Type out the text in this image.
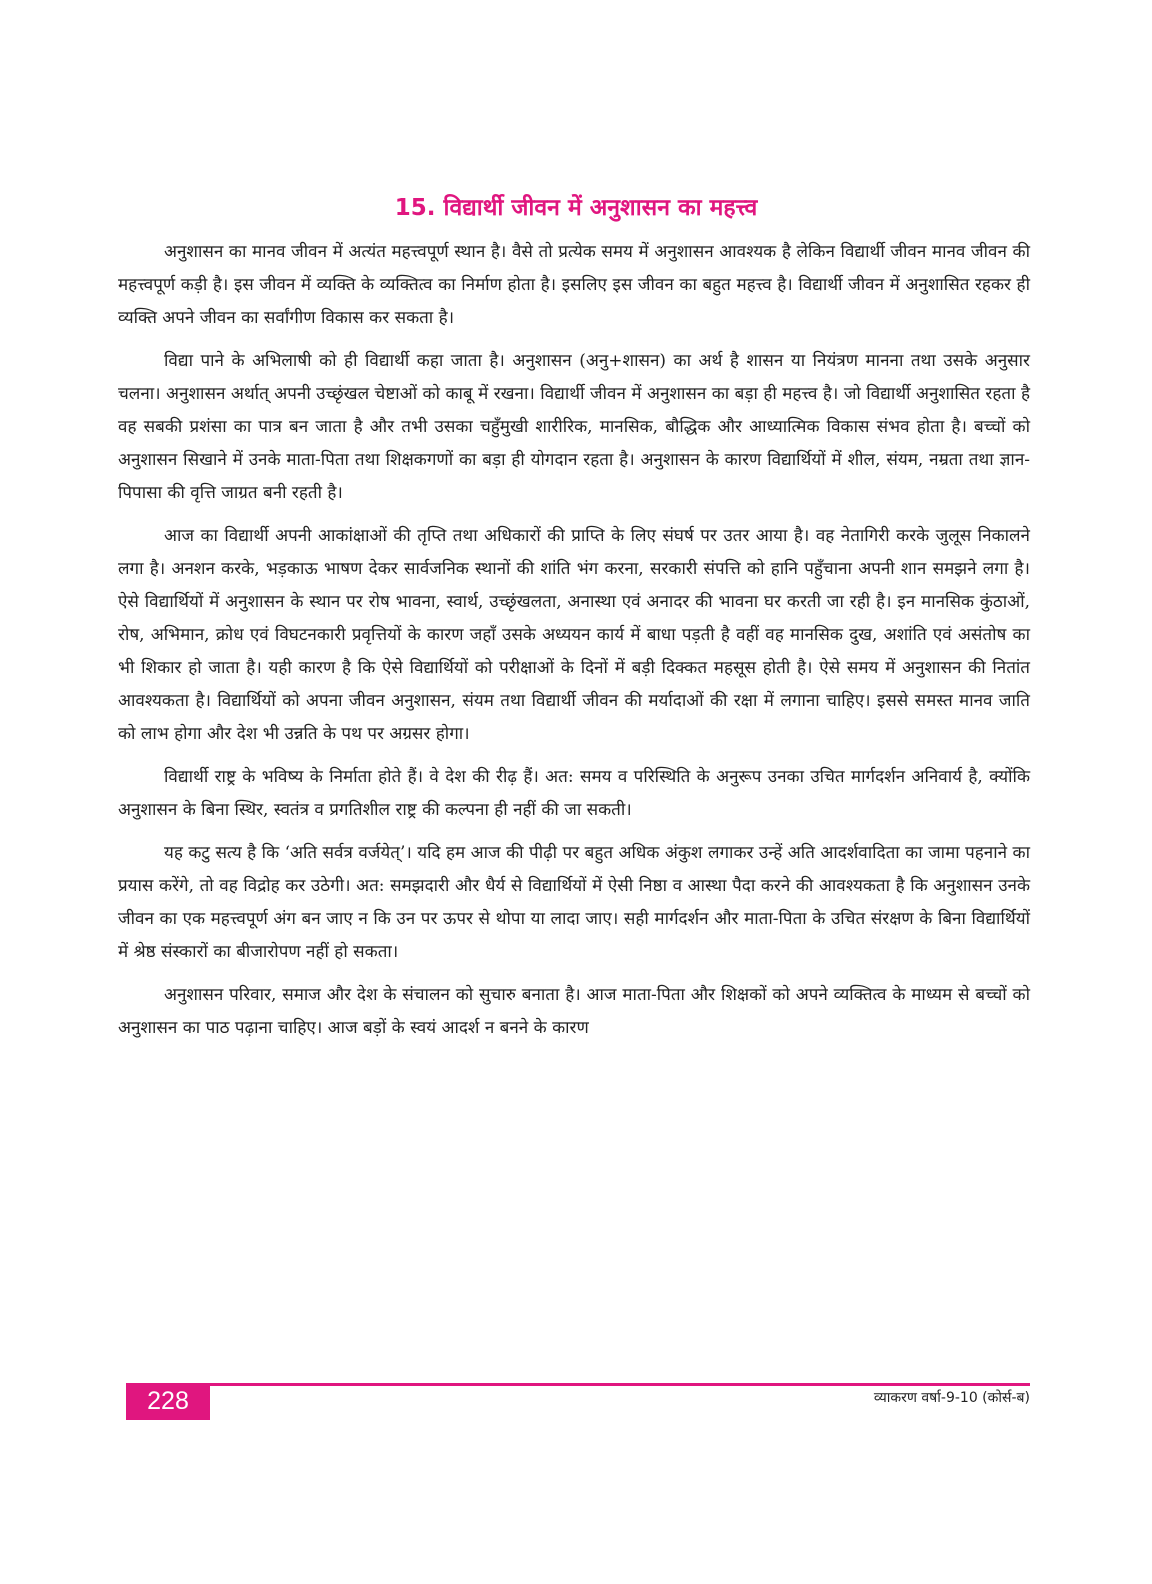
15. विद्यार्थी जीवन में अनुशासन का महत्त्व

अनुशासन का मानव जीवन में अत्यंत महत्त्वपूर्ण स्थान है। वैसे तो प्रत्येक समय में अनुशासन आवश्यक है लेकिन विद्यार्थी जीवन मानव जीवन की महत्त्वपूर्ण कड़ी है। इस जीवन में व्यक्ति के व्यक्तित्व का निर्माण होता है। इसलिए इस जीवन का बहुत महत्त्व है। विद्यार्थी जीवन में अनुशासित रहकर ही व्यक्ति अपने जीवन का सर्वांगीण विकास कर सकता है।

विद्या पाने के अभिलाषी को ही विद्यार्थी कहा जाता है। अनुशासन (अनु+शासन) का अर्थ है शासन या नियंत्रण मानना तथा उसके अनुसार चलना। अनुशासन अर्थात् अपनी उच्छृंखल चेष्टाओं को काबू में रखना। विद्यार्थी जीवन में अनुशासन का बड़ा ही महत्त्व है। जो विद्यार्थी अनुशासित रहता है वह सबकी प्रशंसा का पात्र बन जाता है और तभी उसका चहुँमुखी शारीरिक, मानसिक, बौद्धिक और आध्यात्मिक विकास संभव होता है। बच्चों को अनुशासन सिखाने में उनके माता-पिता तथा शिक्षकगणों का बड़ा ही योगदान रहता है। अनुशासन के कारण विद्यार्थियों में शील, संयम, नम्रता तथा ज्ञान-पिपासा की वृत्ति जाग्रत बनी रहती है।

आज का विद्यार्थी अपनी आकांक्षाओं की तृप्ति तथा अधिकारों की प्राप्ति के लिए संघर्ष पर उतर आया है। वह नेतागिरी करके जुलूस निकालने लगा है। अनशन करके, भड़काऊ भाषण देकर सार्वजनिक स्थानों की शांति भंग करना, सरकारी संपत्ति को हानि पहुँचाना अपनी शान समझने लगा है। ऐसे विद्यार्थियों में अनुशासन के स्थान पर रोष भावना, स्वार्थ, उच्छृंखलता, अनास्था एवं अनादर की भावना घर करती जा रही है। इन मानसिक कुंठाओं, रोष, अभिमान, क्रोध एवं विघटनकारी प्रवृत्तियों के कारण जहाँ उसके अध्ययन कार्य में बाधा पड़ती है वहीं वह मानसिक दुख, अशांति एवं असंतोष का भी शिकार हो जाता है। यही कारण है कि ऐसे विद्यार्थियों को परीक्षाओं के दिनों में बड़ी दिक्कत महसूस होती है। ऐसे समय में अनुशासन की नितांत आवश्यकता है। विद्यार्थियों को अपना जीवन अनुशासन, संयम तथा विद्यार्थी जीवन की मर्यादाओं की रक्षा में लगाना चाहिए। इससे समस्त मानव जाति को लाभ होगा और देश भी उन्नति के पथ पर अग्रसर होगा।

विद्यार्थी राष्ट्र के भविष्य के निर्माता होते हैं। वे देश की रीढ़ हैं। अत: समय व परिस्थिति के अनुरूप उनका उचित मार्गदर्शन अनिवार्य है, क्योंकि अनुशासन के बिना स्थिर, स्वतंत्र व प्रगतिशील राष्ट्र की कल्पना ही नहीं की जा सकती।

यह कटु सत्य है कि ‘अति सर्वत्र वर्जयेत्’। यदि हम आज की पीढ़ी पर बहुत अधिक अंकुश लगाकर उन्हें अति आदर्शवादिता का जामा पहनाने का प्रयास करेंगे, तो वह विद्रोह कर उठेगी। अत: समझदारी और धैर्य से विद्यार्थियों में ऐसी निष्ठा व आस्था पैदा करने की आवश्यकता है कि अनुशासन उनके जीवन का एक महत्त्वपूर्ण अंग बन जाए न कि उन पर ऊपर से थोपा या लादा जाए। सही मार्गदर्शन और माता-पिता के उचित संरक्षण के बिना विद्यार्थियों में श्रेष्ठ संस्कारों का बीजारोपण नहीं हो सकता।

अनुशासन परिवार, समाज और देश के संचालन को सुचारु बनाता है। आज माता-पिता और शिक्षकों को अपने व्यक्तित्व के माध्यम से बच्चों को अनुशासन का पाठ पढ़ाना चाहिए। आज बड़ों के स्वयं आदर्श न बनने के कारण

228	व्याकरण वर्षा-9-10 (कोर्स-ब)
